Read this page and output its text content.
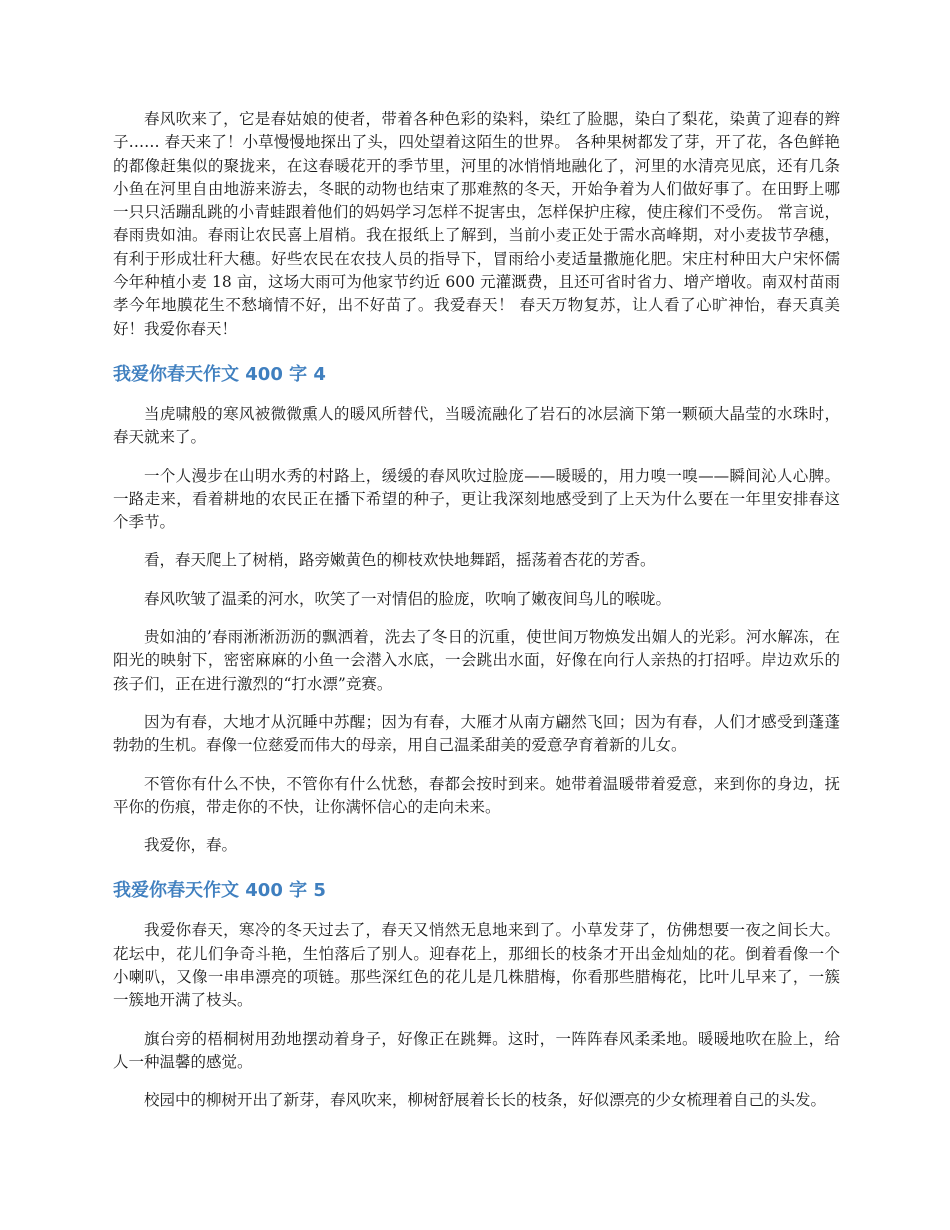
春风吹来了，它是春姑娘的使者，带着各种色彩的染料，染红了脸腮，染白了梨花，染黄了迎春的辫子…… 春天来了！小草慢慢地探出了头，四处望着这陌生的世界。 各种果树都发了芽，开了花，各色鲜艳的都像赶集似的聚拢来，在这春暖花开的季节里，河里的冰悄悄地融化了，河里的水清亮见底，还有几条小鱼在河里自由地游来游去，冬眠的动物也结束了那难熬的冬天，开始争着为人们做好事了。在田野上哪一只只活蹦乱跳的小青蛙跟着他们的妈妈学习怎样不捉害虫，怎样保护庄稼，使庄稼们不受伤。 常言说，春雨贵如油。春雨让农民喜上眉梢。我在报纸上了解到，当前小麦正处于需水高峰期，对小麦拔节孕穗，有利于形成壮秆大穗。好些农民在农技人员的指导下，冒雨给小麦适量撒施化肥。宋庄村种田大户宋怀儒今年种植小麦 18 亩，这场大雨可为他家节约近 600 元灌溉费，且还可省时省力、增产增收。南双村苗雨孝今年地膜花生不愁墒情不好，出不好苗了。我爱春天！ 春天万物复苏，让人看了心旷神怡，春天真美好！我爱你春天！

我爱你春天作文 400 字 4

当虎啸般的寒风被微微熏人的暖风所替代，当暖流融化了岩石的冰层滴下第一颗硕大晶莹的水珠时，春天就来了。

一个人漫步在山明水秀的村路上，缓缓的春风吹过脸庞——暖暖的，用力嗅一嗅——瞬间沁人心脾。一路走来，看着耕地的农民正在播下希望的种子，更让我深刻地感受到了上天为什么要在一年里安排春这个季节。

看，春天爬上了树梢，路旁嫩黄色的柳枝欢快地舞蹈，摇荡着杏花的芳香。

春风吹皱了温柔的河水，吹笑了一对情侣的脸庞，吹响了嫩夜间鸟儿的喉咙。

贵如油的’春雨淅淅沥沥的飘洒着，洗去了冬日的沉重，使世间万物焕发出媚人的光彩。河水解冻，在阳光的映射下，密密麻麻的小鱼一会潜入水底，一会跳出水面，好像在向行人亲热的打招呼。岸边欢乐的孩子们，正在进行激烈的“打水漂”竞赛。

因为有春，大地才从沉睡中苏醒；因为有春，大雁才从南方翩然飞回；因为有春，人们才感受到蓬蓬勃勃的生机。春像一位慈爱而伟大的母亲，用自己温柔甜美的爱意孕育着新的儿女。

不管你有什么不快，不管你有什么忧愁，春都会按时到来。她带着温暖带着爱意，来到你的身边，抚平你的伤痕，带走你的不快，让你满怀信心的走向未来。

我爱你，春。

我爱你春天作文 400 字 5

我爱你春天，寒冷的冬天过去了，春天又悄然无息地来到了。小草发芽了，仿佛想要一夜之间长大。花坛中，花儿们争奇斗艳，生怕落后了别人。迎春花上，那细长的枝条才开出金灿灿的花。倒着看像一个小喇叭，又像一串串漂亮的项链。那些深红色的花儿是几株腊梅，你看那些腊梅花，比叶儿早来了，一簇一簇地开满了枝头。

旗台旁的梧桐树用劲地摆动着身子，好像正在跳舞。这时，一阵阵春风柔柔地。暖暖地吹在脸上，给人一种温馨的感觉。

校园中的柳树开出了新芽，春风吹来，柳树舒展着长长的枝条，好似漂亮的少女梳理着自己的头发。
